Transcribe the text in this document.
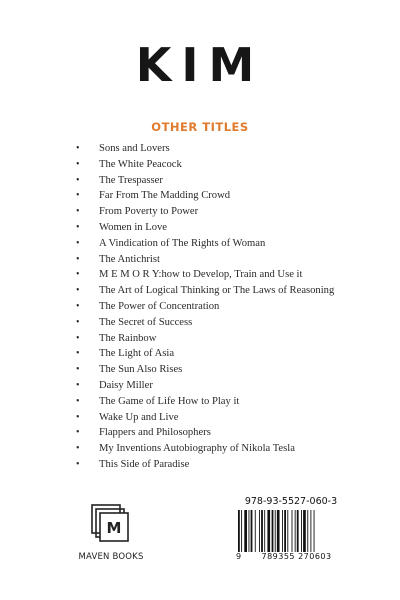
KIM
OTHER TITLES
• Sons and Lovers
• The White Peacock
• The Trespasser
• Far From The Madding Crowd
• From Poverty to Power
• Women in Love
• A Vindication of The Rights of Woman
• The Antichrist
• M E M O R Y:how to Develop, Train and Use it
• The Art of Logical Thinking or The Laws of Reasoning
• The Power of Concentration
• The Secret of Success
• The Rainbow
• The Light of Asia
• The Sun Also Rises
• Daisy Miller
• The Game of Life How to Play it
• Wake Up and Live
• Flappers and Philosophers
• My Inventions Autobiography of Nikola Tesla
• This Side of Paradise
M
MAVEN BOOKS
978-93-5527-060-3
9	789355 270603
